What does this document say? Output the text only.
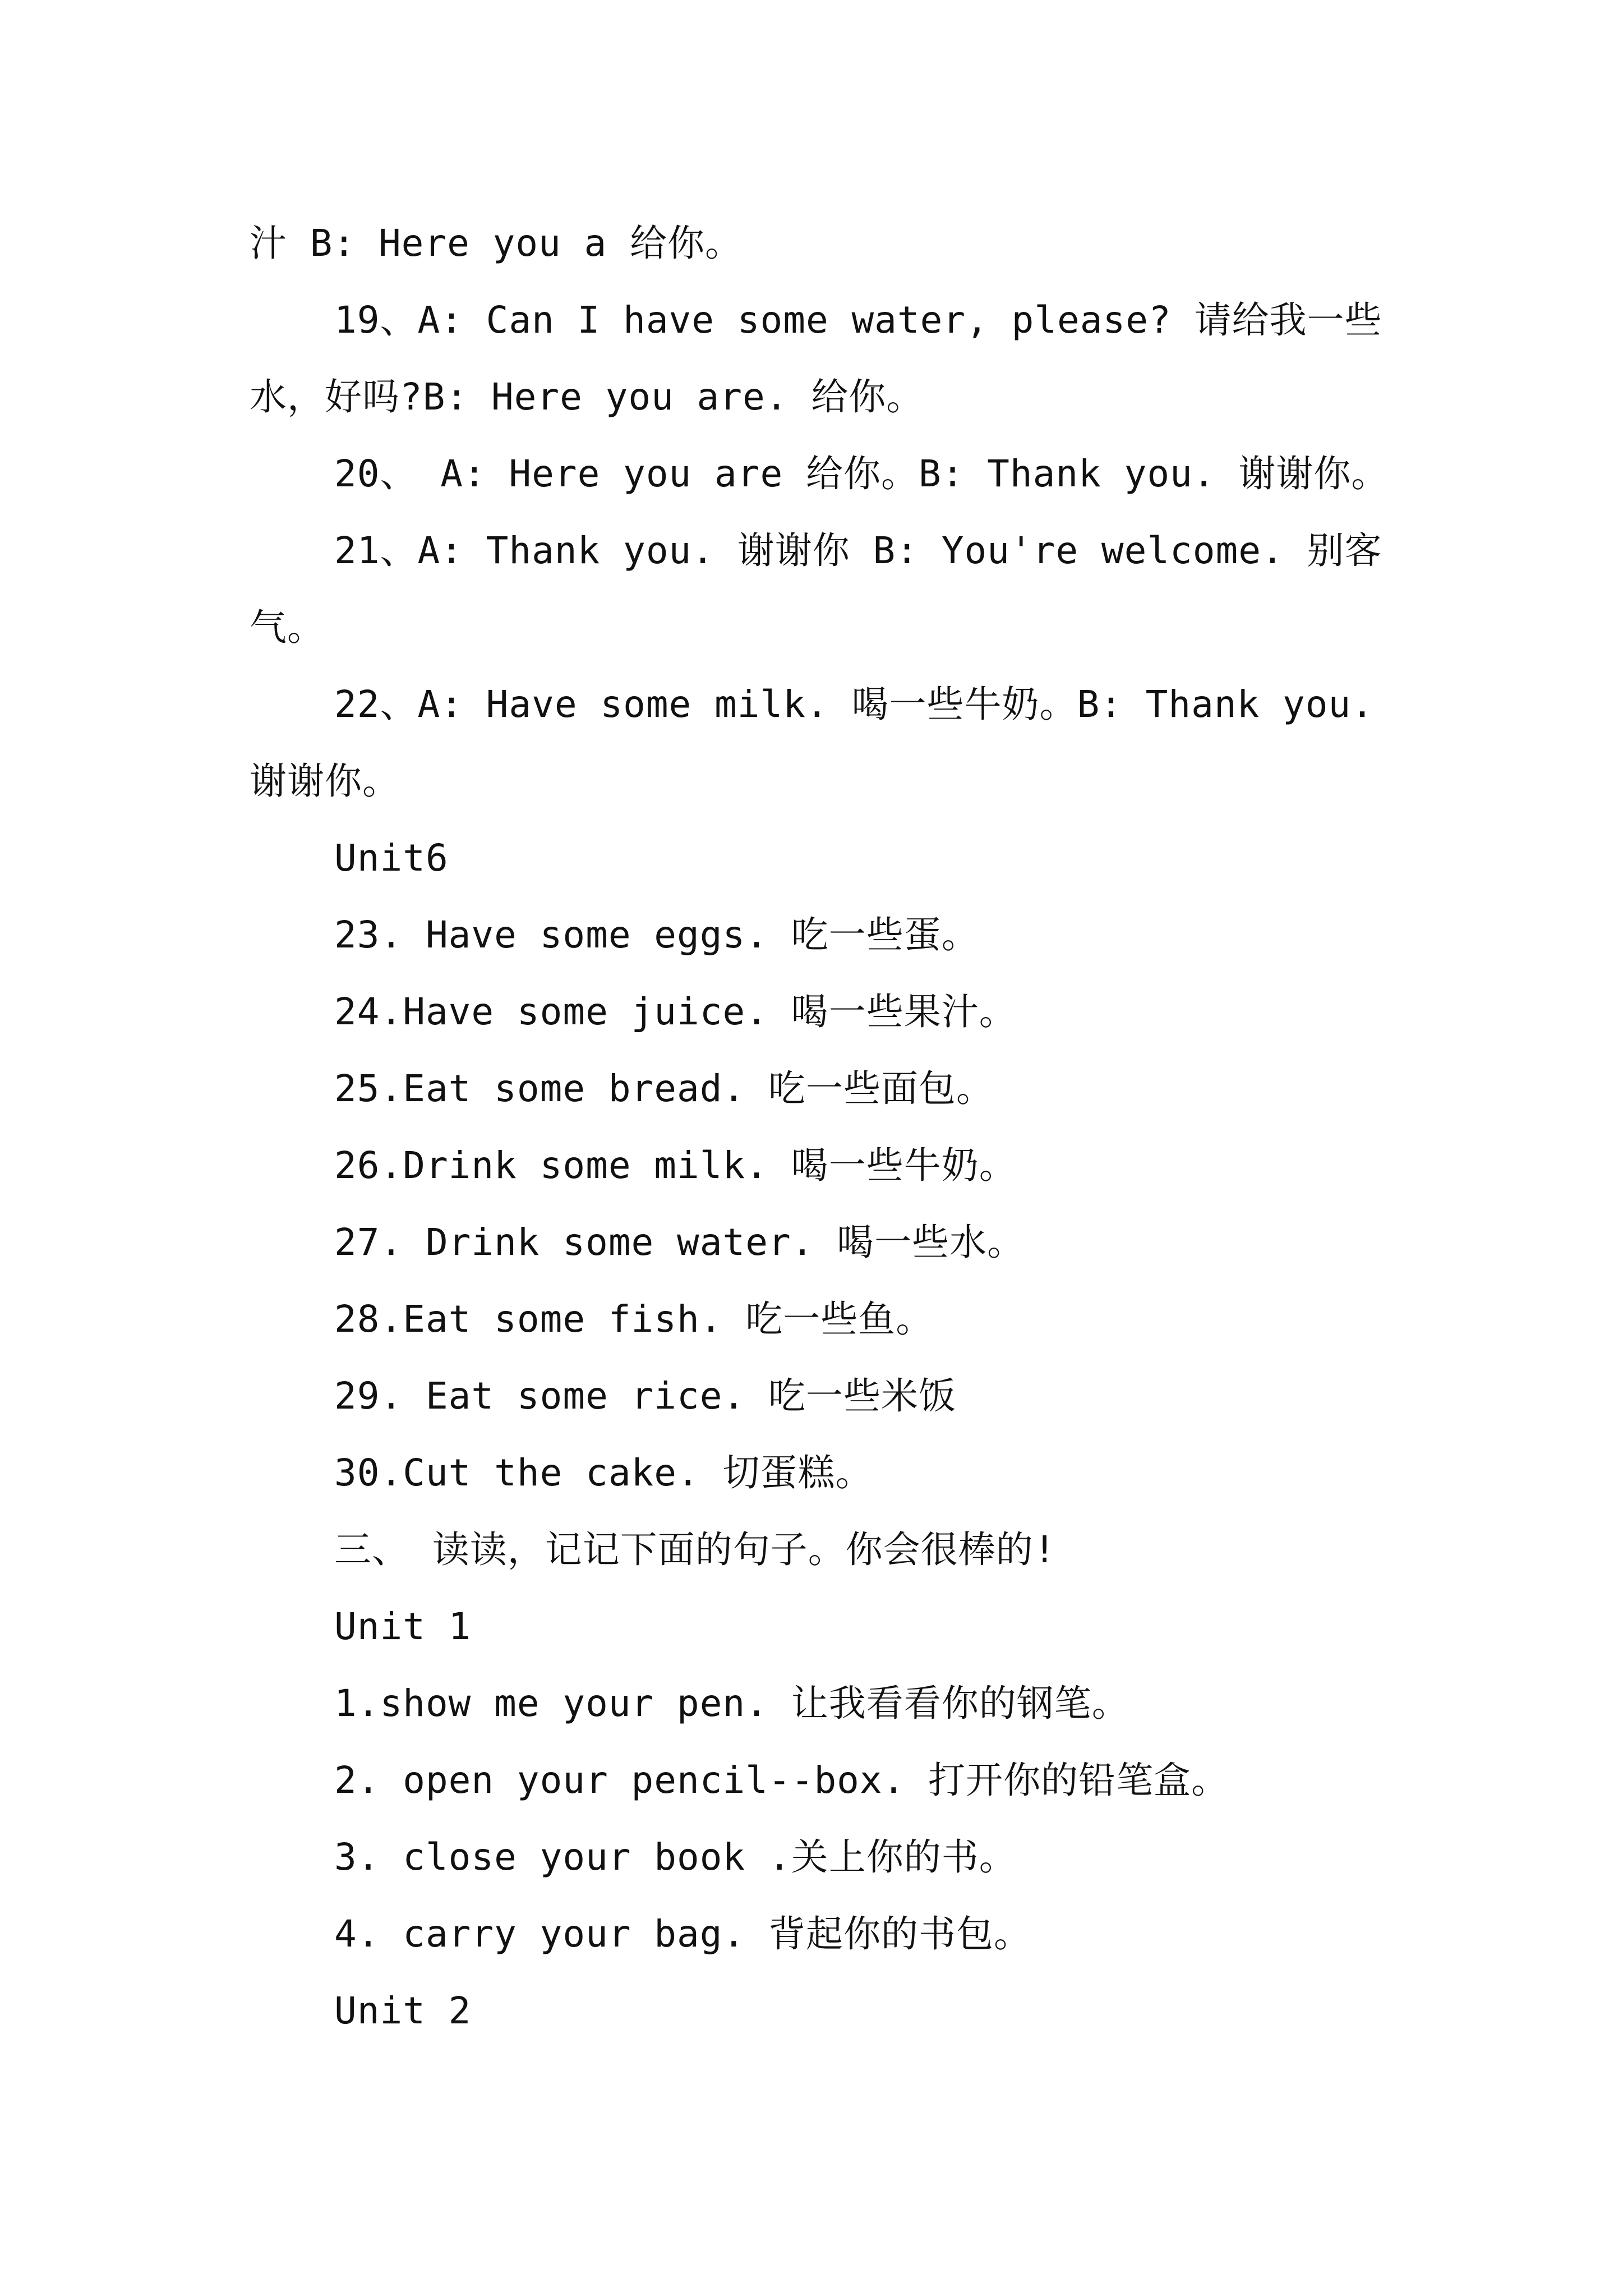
汁 B: Here you a 给你。
19、A: Can I have some water, please? 请给我一些
水，好吗?B: Here you are. 给你。
20、 A: Here you are 给你。B: Thank you. 谢谢你。
21、A: Thank you. 谢谢你 B: You're welcome. 别客
气。
22、A: Have some milk. 喝一些牛奶。B: Thank you.
谢谢你。
Unit6
23. Have some eggs. 吃一些蛋。
24.Have some juice. 喝一些果汁。
25.Eat some bread. 吃一些面包。
26.Drink some milk. 喝一些牛奶。
27. Drink some water. 喝一些水。
28.Eat some fish. 吃一些鱼。
29. Eat some rice. 吃一些米饭
30.Cut the cake. 切蛋糕。
三、 读读，记记下面的句子。你会很棒的!
Unit 1
1.show me your pen. 让我看看你的钢笔。
2. open your pencil--box. 打开你的铅笔盒。
3. close your book .关上你的书。
4. carry your bag. 背起你的书包。
Unit 2
